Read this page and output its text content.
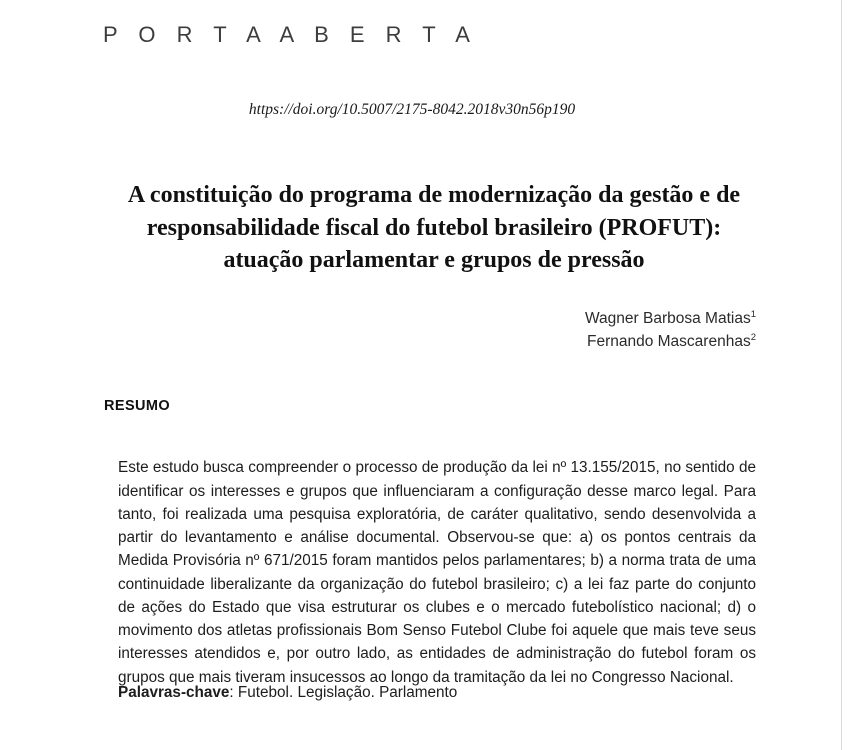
P O R T A A B E R T A
https://doi.org/10.5007/2175-8042.2018v30n56p190
A constituição do programa de modernização da gestão e de responsabilidade fiscal do futebol brasileiro (PROFUT): atuação parlamentar e grupos de pressão
Wagner Barbosa Matias$^1$
Fernando Mascarenhas$^2$
RESUMO

Este estudo busca compreender o processo de produção da lei nº 13.155/2015, no sentido de identificar os interesses e grupos que influenciaram a configuração desse marco legal. Para tanto, foi realizada uma pesquisa exploratória, de caráter qualitativo, sendo desenvolvida a partir do levantamento e análise documental. Observou-se que: a) os pontos centrais da Medida Provisória nº 671/2015 foram mantidos pelos parlamentares; b) a norma trata de uma continuidade liberalizante da organização do futebol brasileiro; c) a lei faz parte do conjunto de ações do Estado que visa estruturar os clubes e o mercado futebolístico nacional; d) o movimento dos atletas profissionais Bom Senso Futebol Clube foi aquele que mais teve seus interesses atendidos e, por outro lado, as entidades de administração do futebol foram os grupos que mais tiveram insucessos ao longo da tramitação da lei no Congresso Nacional.

Palavras-chave: Futebol. Legislação. Parlamento
